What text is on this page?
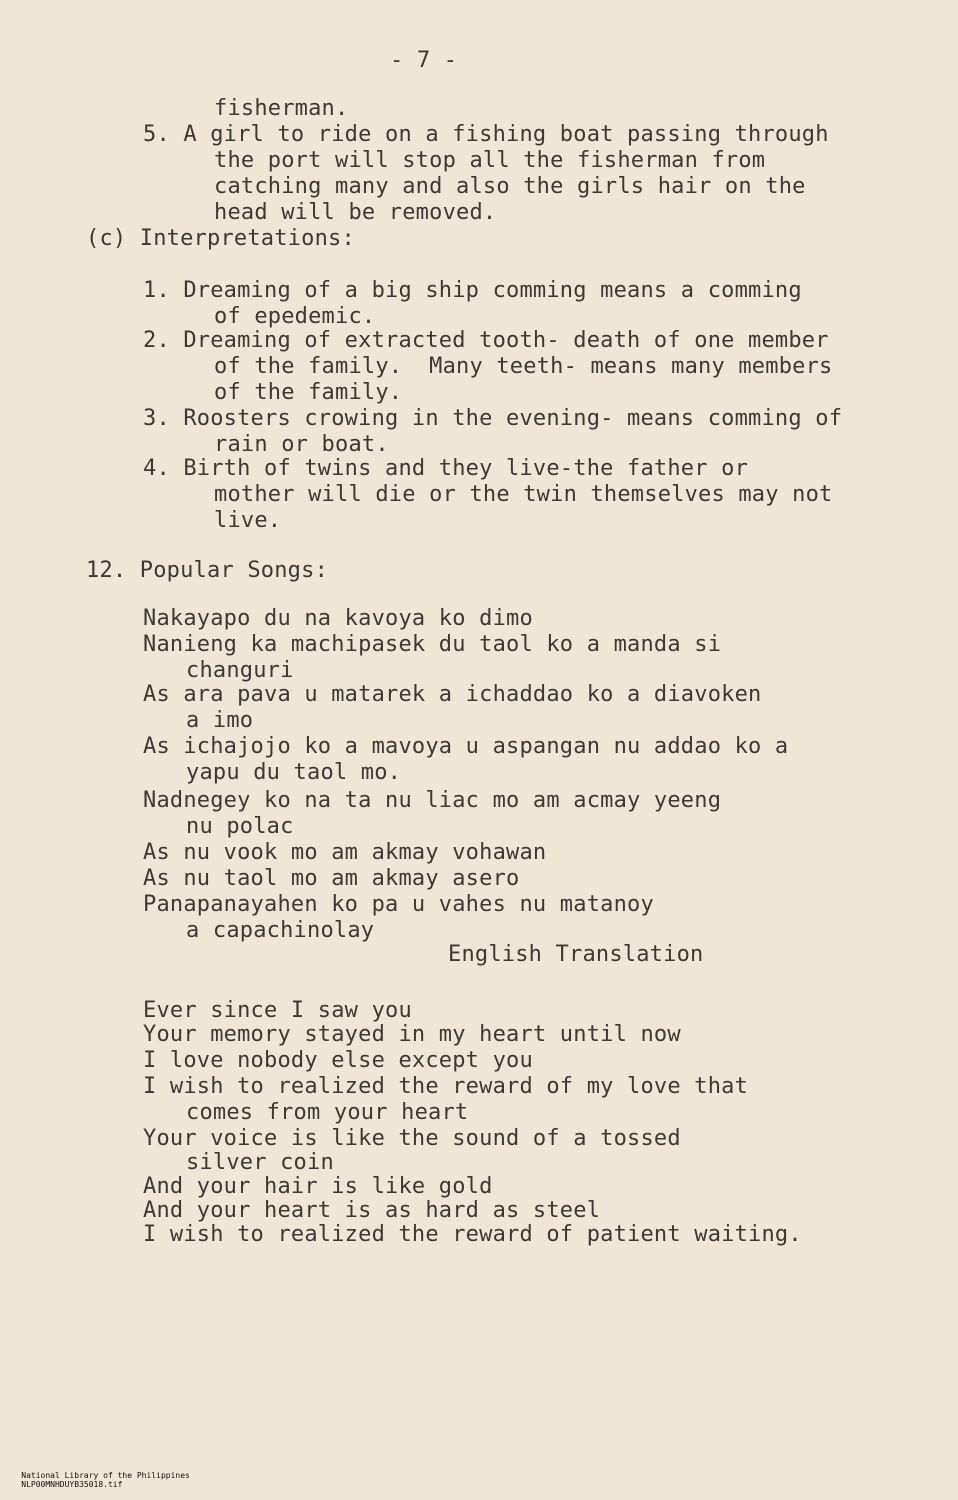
- 7 -
fisherman.
5. A girl to ride on a fishing boat passing through
the port will stop all the fisherman from
catching many and also the girls hair on the
head will be removed.
(c) Interpretations:
1. Dreaming of a big ship comming means a comming
of epedemic.
2. Dreaming of extracted tooth- death of one member
of the family.  Many teeth- means many members
of the family.
3. Roosters crowing in the evening- means comming of
rain or boat.
4. Birth of twins and they live-the father or
mother will die or the twin themselves may not
live.
12. Popular Songs:
Nakayapo du na kavoya ko dimo
Nanieng ka machipasek du taol ko a manda si
changuri
As ara pava u matarek a ichaddao ko a diavoken
a imo
As ichajojo ko a mavoya u aspangan nu addao ko a
yapu du taol mo.
Nadnegey ko na ta nu liac mo am acmay yeeng
nu polac
As nu vook mo am akmay vohawan
As nu taol mo am akmay asero
Panapanayahen ko pa u vahes nu matanoy
a capachinolay
English Translation
Ever since I saw you
Your memory stayed in my heart until now
I love nobody else except you
I wish to realized the reward of my love that
comes from your heart
Your voice is like the sound of a tossed
silver coin
And your hair is like gold
And your heart is as hard as steel
I wish to realized the reward of patient waiting.

National Library of the Philippines
NLP00MNHDUYB35018.tif
